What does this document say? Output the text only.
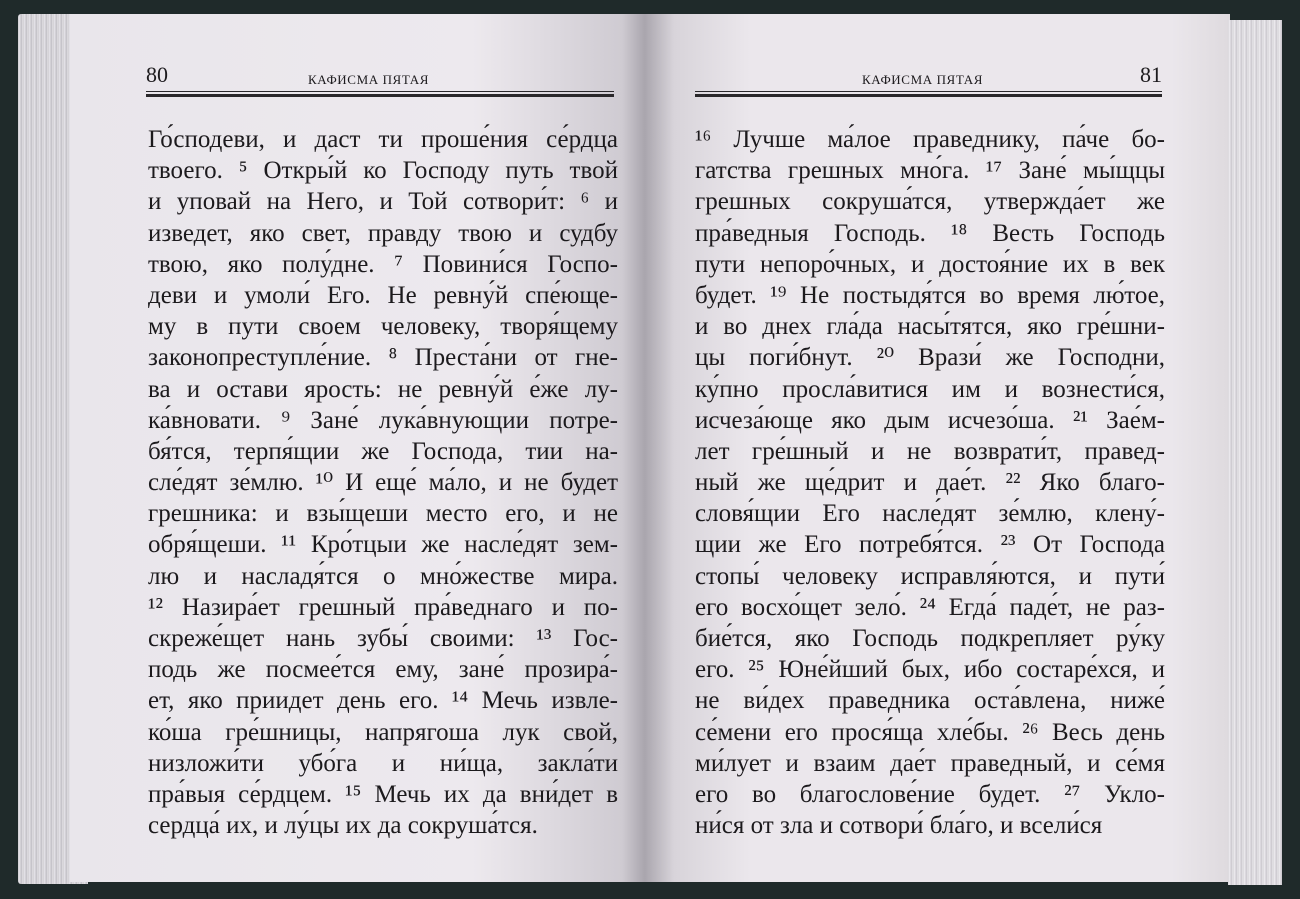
80	КАФИСМА ПЯТАЯ
Го́сподеви, и даст ти проше́ния се́рдца
твоего. ⁵ Откры́й ко Господу путь твой
и уповай на Него, и Той сотвори́т: ⁶ и
изведет, яко свет, правду твою и судбу
твою, яко полу́дне. ⁷ Повини́ся Госпо-
деви и умоли́ Его. Не ревну́й спе́юще-
му в пути своем человеку, творя́щему
законопреступле́ние. ⁸ Преста́ни от гне-
ва и остави ярость: не ревну́й е́же лу-
ка́вновати. ⁹ Зане́ лука́внующии потре-
бя́тся, терпя́щии же Господа, тии на-
сле́дят зе́млю. ¹⁰ И еще́ ма́ло, и не будет
грешника: и взы́щеши место его, и не
обря́щеши. ¹¹ Кро́тцыи же насле́дят зем-
лю и насладя́тся о мно́жестве мира.
¹² Назира́ет грешный пра́веднаго и по-
скреже́щет нань зубы́ своими: ¹³ Гос-
подь же посмее́тся ему, зане́ прозира́-
ет, яко приидет день его. ¹⁴ Мечь извле-
ко́ша гре́шницы, напрягоша лук свой,
низложи́ти убо́га и ни́ща, закла́ти
пра́выя се́рдцем. ¹⁵ Мечь их да вни́дет в
сердца́ их, и лу́цы их да сокруша́тся.
КАФИСМА ПЯТАЯ	81
¹⁶ Лучше ма́лое праведнику, па́че бо-
гатства грешных мно́га. ¹⁷ Зане́ мы́щцы
грешных сокруша́тся, утвержда́ет же
пра́ведныя Господь. ¹⁸ Весть Господь
пути непоро́чных, и достоя́ние их в век
будет. ¹⁹ Не постыдя́тся во время лю́тое,
и во днех гла́да насы́тятся, яко гре́шни-
цы поги́бнут. ²⁰ Врази́ же Господни,
ку́пно просла́витися им и вознести́ся,
исчеза́юще яко дым исчезо́ша. ²¹ Зае́м-
лет гре́шный и не возврати́т, правед-
ный же ще́дрит и дае́т. ²² Яко благо-
словя́щии Его насле́дят зе́млю, клену́-
щии же Его потребя́тся. ²³ От Господа
стопы́ человеку исправля́ются, и пути́
его восхо́щет зело́. ²⁴ Егда́ паде́т, не раз-
бие́тся, яко Господь подкрепляет ру́ку
его. ²⁵ Юне́йший бых, ибо состаре́хся, и
не ви́дех праведника оста́влена, ниже́
се́мени его прося́ща хле́бы. ²⁶ Весь день
ми́лует и взаим дае́т праведный, и се́мя
его во благослове́ние будет. ²⁷ Укло-
ни́ся от зла и сотвори́ бла́го, и всели́ся
